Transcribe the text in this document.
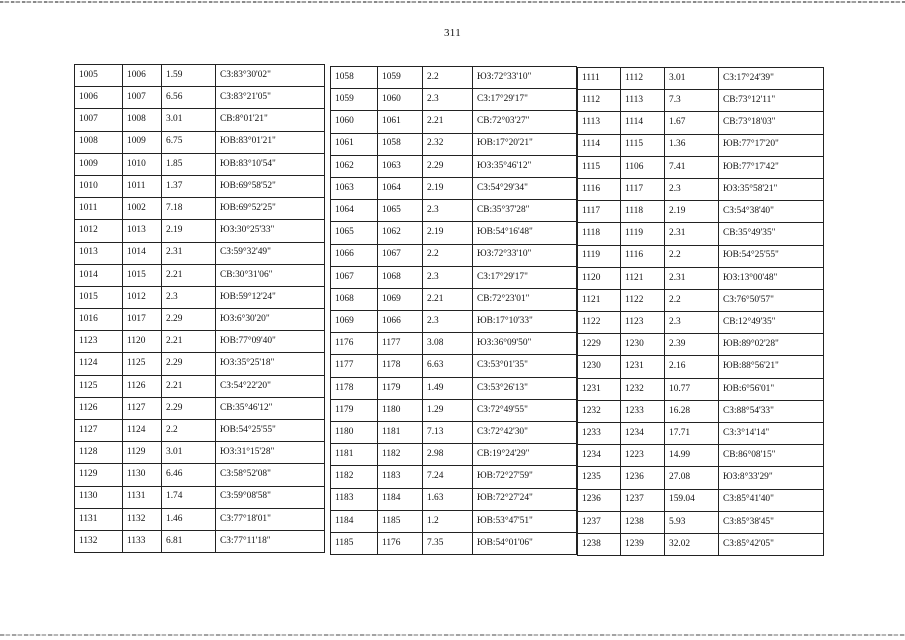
311
1005	1006	1.59	СЗ:83°30'02"
1006	1007	6.56	СЗ:83°21'05"
1007	1008	3.01	СВ:8°01'21"
1008	1009	6.75	ЮВ:83°01'21"
1009	1010	1.85	ЮВ:83°10'54"
1010	1011	1.37	ЮВ:69°58'52"
1011	1002	7.18	ЮВ:69°52'25"
1012	1013	2.19	ЮЗ:30°25'33"
1013	1014	2.31	СЗ:59°32'49"
1014	1015	2.21	СВ:30°31'06"
1015	1012	2.3	ЮВ:59°12'24"
1016	1017	2.29	ЮЗ:6°30'20"
1123	1120	2.21	ЮВ:77°09'40"
1124	1125	2.29	ЮЗ:35°25'18"
1125	1126	2.21	СЗ:54°22'20"
1126	1127	2.29	СВ:35°46'12"
1127	1124	2.2	ЮВ:54°25'55"
1128	1129	3.01	ЮЗ:31°15'28"
1129	1130	6.46	СЗ:58°52'08"
1130	1131	1.74	СЗ:59°08'58"
1131	1132	1.46	СЗ:77°18'01"
1132	1133	6.81	СЗ:77°11'18"
1058	1059	2.2	ЮЗ:72°33'10"
1059	1060	2.3	СЗ:17°29'17"
1060	1061	2.21	СВ:72°03'27"
1061	1058	2.32	ЮВ:17°20'21"
1062	1063	2.29	ЮЗ:35°46'12"
1063	1064	2.19	СЗ:54°29'34"
1064	1065	2.3	СВ:35°37'28"
1065	1062	2.19	ЮВ:54°16'48"
1066	1067	2.2	ЮЗ:72°33'10"
1067	1068	2.3	СЗ:17°29'17"
1068	1069	2.21	СВ:72°23'01"
1069	1066	2.3	ЮВ:17°10'33"
1176	1177	3.08	ЮЗ:36°09'50"
1177	1178	6.63	СЗ:53°01'35"
1178	1179	1.49	СЗ:53°26'13"
1179	1180	1.29	СЗ:72°49'55"
1180	1181	7.13	СЗ:72°42'30"
1181	1182	2.98	СВ:19°24'29"
1182	1183	7.24	ЮВ:72°27'59"
1183	1184	1.63	ЮВ:72°27'24"
1184	1185	1.2	ЮВ:53°47'51"
1185	1176	7.35	ЮВ:54°01'06"
1111	1112	3.01	СЗ:17°24'39"
1112	1113	7.3	СВ:73°12'11"
1113	1114	1.67	СВ:73°18'03"
1114	1115	1.36	ЮВ:77°17'20"
1115	1106	7.41	ЮВ:77°17'42"
1116	1117	2.3	ЮЗ:35°58'21"
1117	1118	2.19	СЗ:54°38'40"
1118	1119	2.31	СВ:35°49'35"
1119	1116	2.2	ЮВ:54°25'55"
1120	1121	2.31	ЮЗ:13°00'48"
1121	1122	2.2	СЗ:76°50'57"
1122	1123	2.3	СВ:12°49'35"
1229	1230	2.39	ЮВ:89°02'28"
1230	1231	2.16	ЮВ:88°56'21"
1231	1232	10.77	ЮВ:6°56'01"
1232	1233	16.28	СЗ:88°54'33"
1233	1234	17.71	СЗ:3°14'14"
1234	1223	14.99	СВ:86°08'15"
1235	1236	27.08	ЮЗ:8°33'29"
1236	1237	159.04	СЗ:85°41'40"
1237	1238	5.93	СЗ:85°38'45"
1238	1239	32.02	СЗ:85°42'05"
